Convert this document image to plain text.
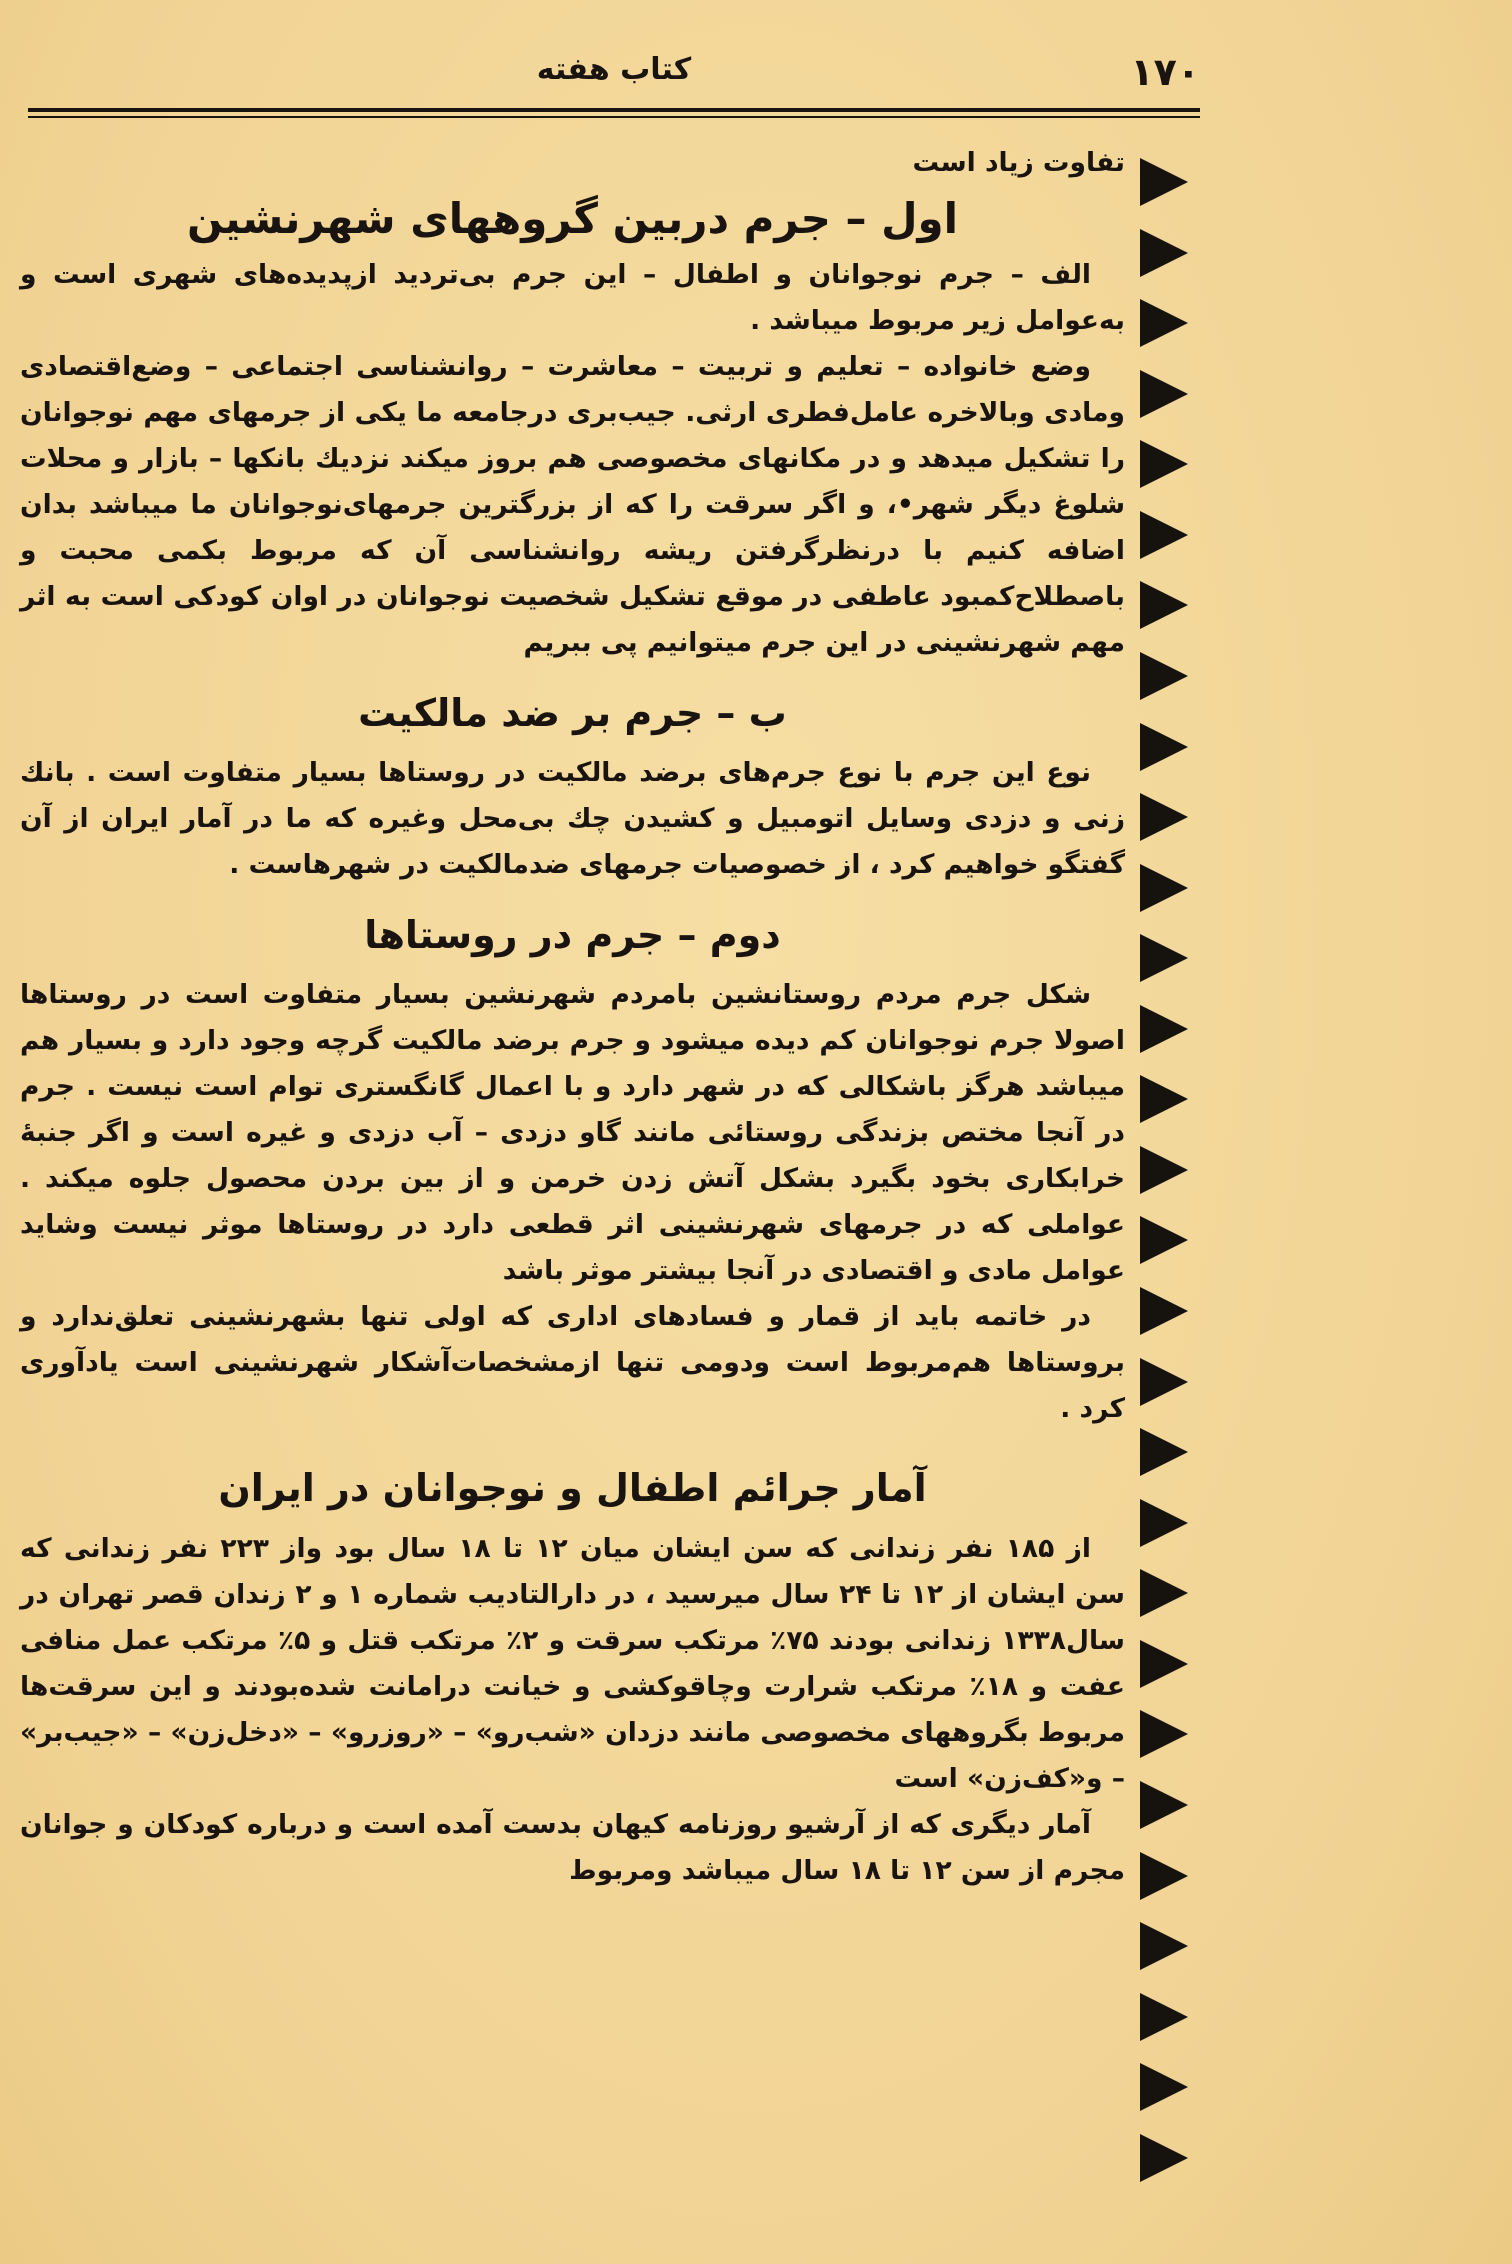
۱۷۰
کتاب هفته

تفاوت زیاد است

اول – جرم دربین گروههای شهرنشین

الف – جرم نوجوانان و اطفال – این جرم بی‌تردید ازپدیده‌های شهری است و به‌عوامل زیر مربوط میباشد .

وضع خانواده – تعلیم و تربیت – معاشرت – روانشناسی اجتماعی – وضع‌اقتصادی ومادی وبالاخره عامل‌فطری ارثی. جیب‌بری درجامعه ما یکی از جرمهای مهم نوجوانان را تشکیل میدهد و در مکانهای مخصوصی هم بروز میکند نزدیك بانکها – بازار و محلات شلوغ دیگر شهر•، و اگر سرقت را که از بزرگترین جرمهای‌نوجوانان ما میباشد بدان اضافه کنیم با درنظرگرفتن ریشه روانشناسی آن که مربوط بکمی محبت و باصطلاح‌کمبود عاطفی در موقع تشکیل شخصیت نوجوانان در اوان کودکی است به اثر مهم شهرنشینی در این جرم میتوانیم پی ببریم

ب – جرم بر ضد مالکیت

نوع این جرم با نوع جرم‌های برضد مالکیت در روستاها بسیار متفاوت است . بانك زنی و دزدی وسایل اتومبیل و کشیدن چك بی‌محل وغیره که ما در آمار ایران از آن گفتگو خواهیم کرد ، از خصوصیات جرمهای ضدمالکیت در شهرهاست .

دوم – جرم در روستاها

شکل جرم مردم روستانشین بامردم شهرنشین بسیار متفاوت است در روستاها اصولا جرم نوجوانان کم دیده میشود و جرم برضد مالکیت گرچه وجود دارد و بسیار هم میباشد هرگز باشکالی که در شهر دارد و با اعمال گانگستری توام است نیست . جرم در آنجا مختص بزندگی روستائی مانند گاو دزدی – آب دزدی و غیره است و اگر جنبهٔ خرابکاری بخود بگیرد بشکل آتش زدن خرمن و از بین بردن محصول جلوه میکند . عواملی که در جرمهای شهرنشینی اثر قطعی دارد در روستاها موثر نیست وشاید عوامل مادی و اقتصادی در آنجا بیشتر موثر باشد

در خاتمه باید از قمار و فسادهای اداری که اولی تنها بشهرنشینی تعلق‌ندارد و بروستاها هم‌مربوط است ودومی تنها ازمشخصات‌آشکار شهرنشینی است یادآوری کرد .

آمار جرائم اطفال و نوجوانان در ایران

از ۱۸۵ نفر زندانی که سن ایشان میان ۱۲ تا ۱۸ سال بود واز ۲۲۳ نفر زندانی که سن ایشان از ۱۲ تا ۲۴ سال میرسید ، در دارالتادیب شماره ۱ و ۲ زندان قصر تهران در سال۱۳۳۸ زندانی بودند ۷۵٪ مرتکب سرقت و ۲٪ مرتکب قتل و ۵٪ مرتکب عمل منافی عفت و ۱۸٪ مرتکب شرارت وچاقوکشی و خیانت درامانت شده‌بودند و این سرقت‌ها مربوط بگروههای مخصوصی مانند دزدان «شب‌رو» – «روزرو» – «دخل‌زن» – «جیب‌بر» – و«کف‌زن» است

آمار دیگری که از آرشیو روزنامه کیهان بدست آمده است و درباره کودکان و جوانان مجرم از سن ۱۲ تا ۱۸ سال میباشد ومربوط
